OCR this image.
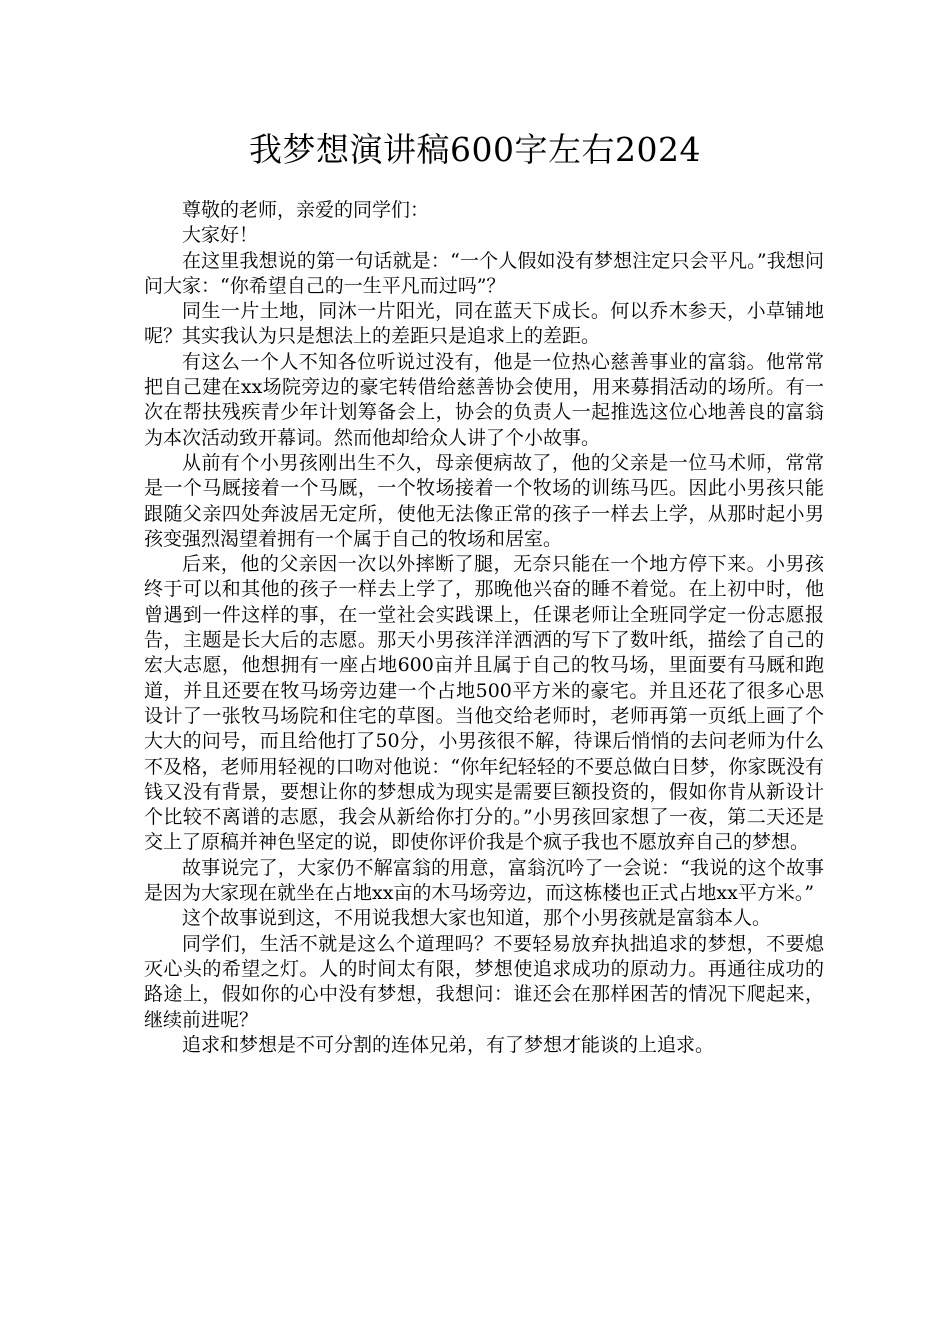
我梦想演讲稿600字左右2024

尊敬的老师，亲爱的同学们：

大家好！

在这里我想说的第一句话就是：“一个人假如没有梦想注定只会平凡。”我想问问大家：“你希望自己的一生平凡而过吗”？

同生一片土地，同沐一片阳光，同在蓝天下成长。何以乔木参天，小草铺地呢？其实我认为只是想法上的差距只是追求上的差距。

有这么一个人不知各位听说过没有，他是一位热心慈善事业的富翁。他常常把自己建在xx场院旁边的豪宅转借给慈善协会使用，用来募捐活动的场所。有一次在帮扶残疾青少年计划筹备会上，协会的负责人一起推选这位心地善良的富翁为本次活动致开幕词。然而他却给众人讲了个小故事。

从前有个小男孩刚出生不久，母亲便病故了，他的父亲是一位马术师，常常是一个马厩接着一个马厩，一个牧场接着一个牧场的训练马匹。因此小男孩只能跟随父亲四处奔波居无定所，使他无法像正常的孩子一样去上学，从那时起小男孩变强烈渴望着拥有一个属于自己的牧场和居室。

后来，他的父亲因一次以外摔断了腿，无奈只能在一个地方停下来。小男孩终于可以和其他的孩子一样去上学了，那晚他兴奋的睡不着觉。在上初中时，他曾遇到一件这样的事，在一堂社会实践课上，任课老师让全班同学定一份志愿报告，主题是长大后的志愿。那天小男孩洋洋洒洒的写下了数叶纸，描绘了自己的宏大志愿，他想拥有一座占地600亩并且属于自己的牧马场，里面要有马厩和跑道，并且还要在牧马场旁边建一个占地500平方米的豪宅。并且还花了很多心思设计了一张牧马场院和住宅的草图。当他交给老师时，老师再第一页纸上画了个大大的问号，而且给他打了50分，小男孩很不解，待课后悄悄的去问老师为什么不及格，老师用轻视的口吻对他说：“你年纪轻轻的不要总做白日梦，你家既没有钱又没有背景，要想让你的梦想成为现实是需要巨额投资的，假如你肯从新设计个比较不离谱的志愿，我会从新给你打分的。”小男孩回家想了一夜，第二天还是交上了原稿并神色坚定的说，即使你评价我是个疯子我也不愿放弃自己的梦想。

故事说完了，大家仍不解富翁的用意，富翁沉吟了一会说：“我说的这个故事是因为大家现在就坐在占地xx亩的木马场旁边，而这栋楼也正式占地xx平方米。”

这个故事说到这，不用说我想大家也知道，那个小男孩就是富翁本人。

同学们，生活不就是这么个道理吗？不要轻易放弃执拙追求的梦想，不要熄灭心头的希望之灯。人的时间太有限，梦想使追求成功的原动力。再通往成功的路途上，假如你的心中没有梦想，我想问：谁还会在那样困苦的情况下爬起来，继续前进呢？

追求和梦想是不可分割的连体兄弟，有了梦想才能谈的上追求。
